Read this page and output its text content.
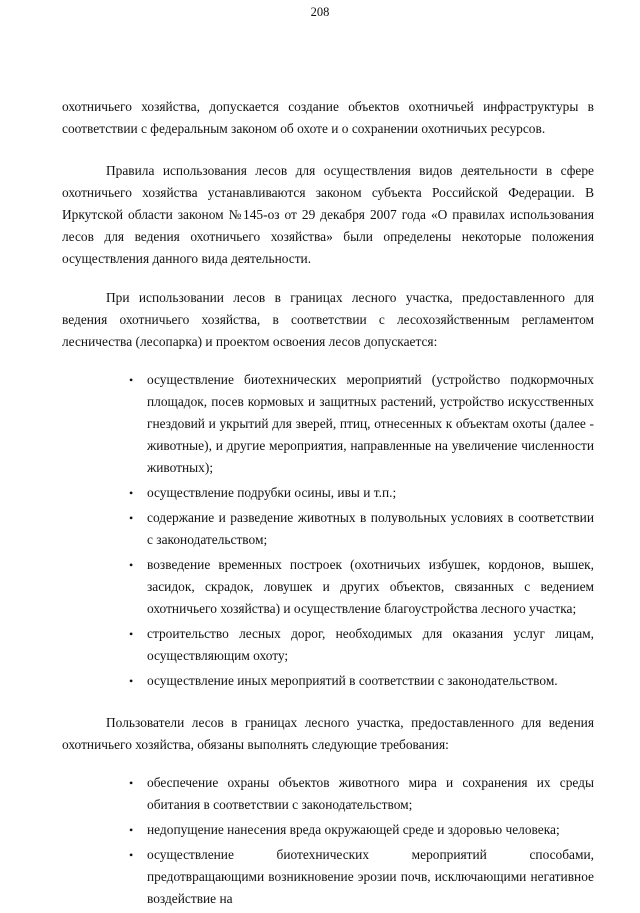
208

охотничьего хозяйства, допускается создание объектов охотничьей инфраструктуры в соответствии с федеральным законом об охоте и о сохранении охотничьих ресурсов.

Правила использования лесов для осуществления видов деятельности в сфере охотничьего хозяйства устанавливаются законом субъекта Российской Федерации. В Иркутской области законом №145-оз от 29 декабря 2007 года «О правилах использования лесов для ведения охотничьего хозяйства» были определены некоторые положения осуществления данного вида деятельности.

При использовании лесов в границах лесного участка, предоставленного для ведения охотничьего хозяйства, в соответствии с лесохозяйственным регламентом лесничества (лесопарка) и проектом освоения лесов допускается:

• осуществление биотехнических мероприятий (устройство подкормочных площадок, посев кормовых и защитных растений, устройство искусственных гнездовий и укрытий для зверей, птиц, отнесенных к объектам охоты (далее - животные), и другие мероприятия, направленные на увеличение численности животных);
• осуществление подрубки осины, ивы и т.п.;
• содержание и разведение животных в полувольных условиях в соответствии с законодательством;
• возведение временных построек (охотничьих избушек, кордонов, вышек, засидок, скрадок, ловушек и других объектов, связанных с ведением охотничьего хозяйства) и осуществление благоустройства лесного участка;
• строительство лесных дорог, необходимых для оказания услуг лицам, осуществляющим охоту;
• осуществление иных мероприятий в соответствии с законодательством.

Пользователи лесов в границах лесного участка, предоставленного для ведения охотничьего хозяйства, обязаны выполнять следующие требования:

• обеспечение охраны объектов животного мира и сохранения их среды обитания в соответствии с законодательством;
• недопущение нанесения вреда окружающей среде и здоровью человека;
• осуществление биотехнических мероприятий способами, предотвращающими возникновение эрозии почв, исключающими негативное воздействие на
